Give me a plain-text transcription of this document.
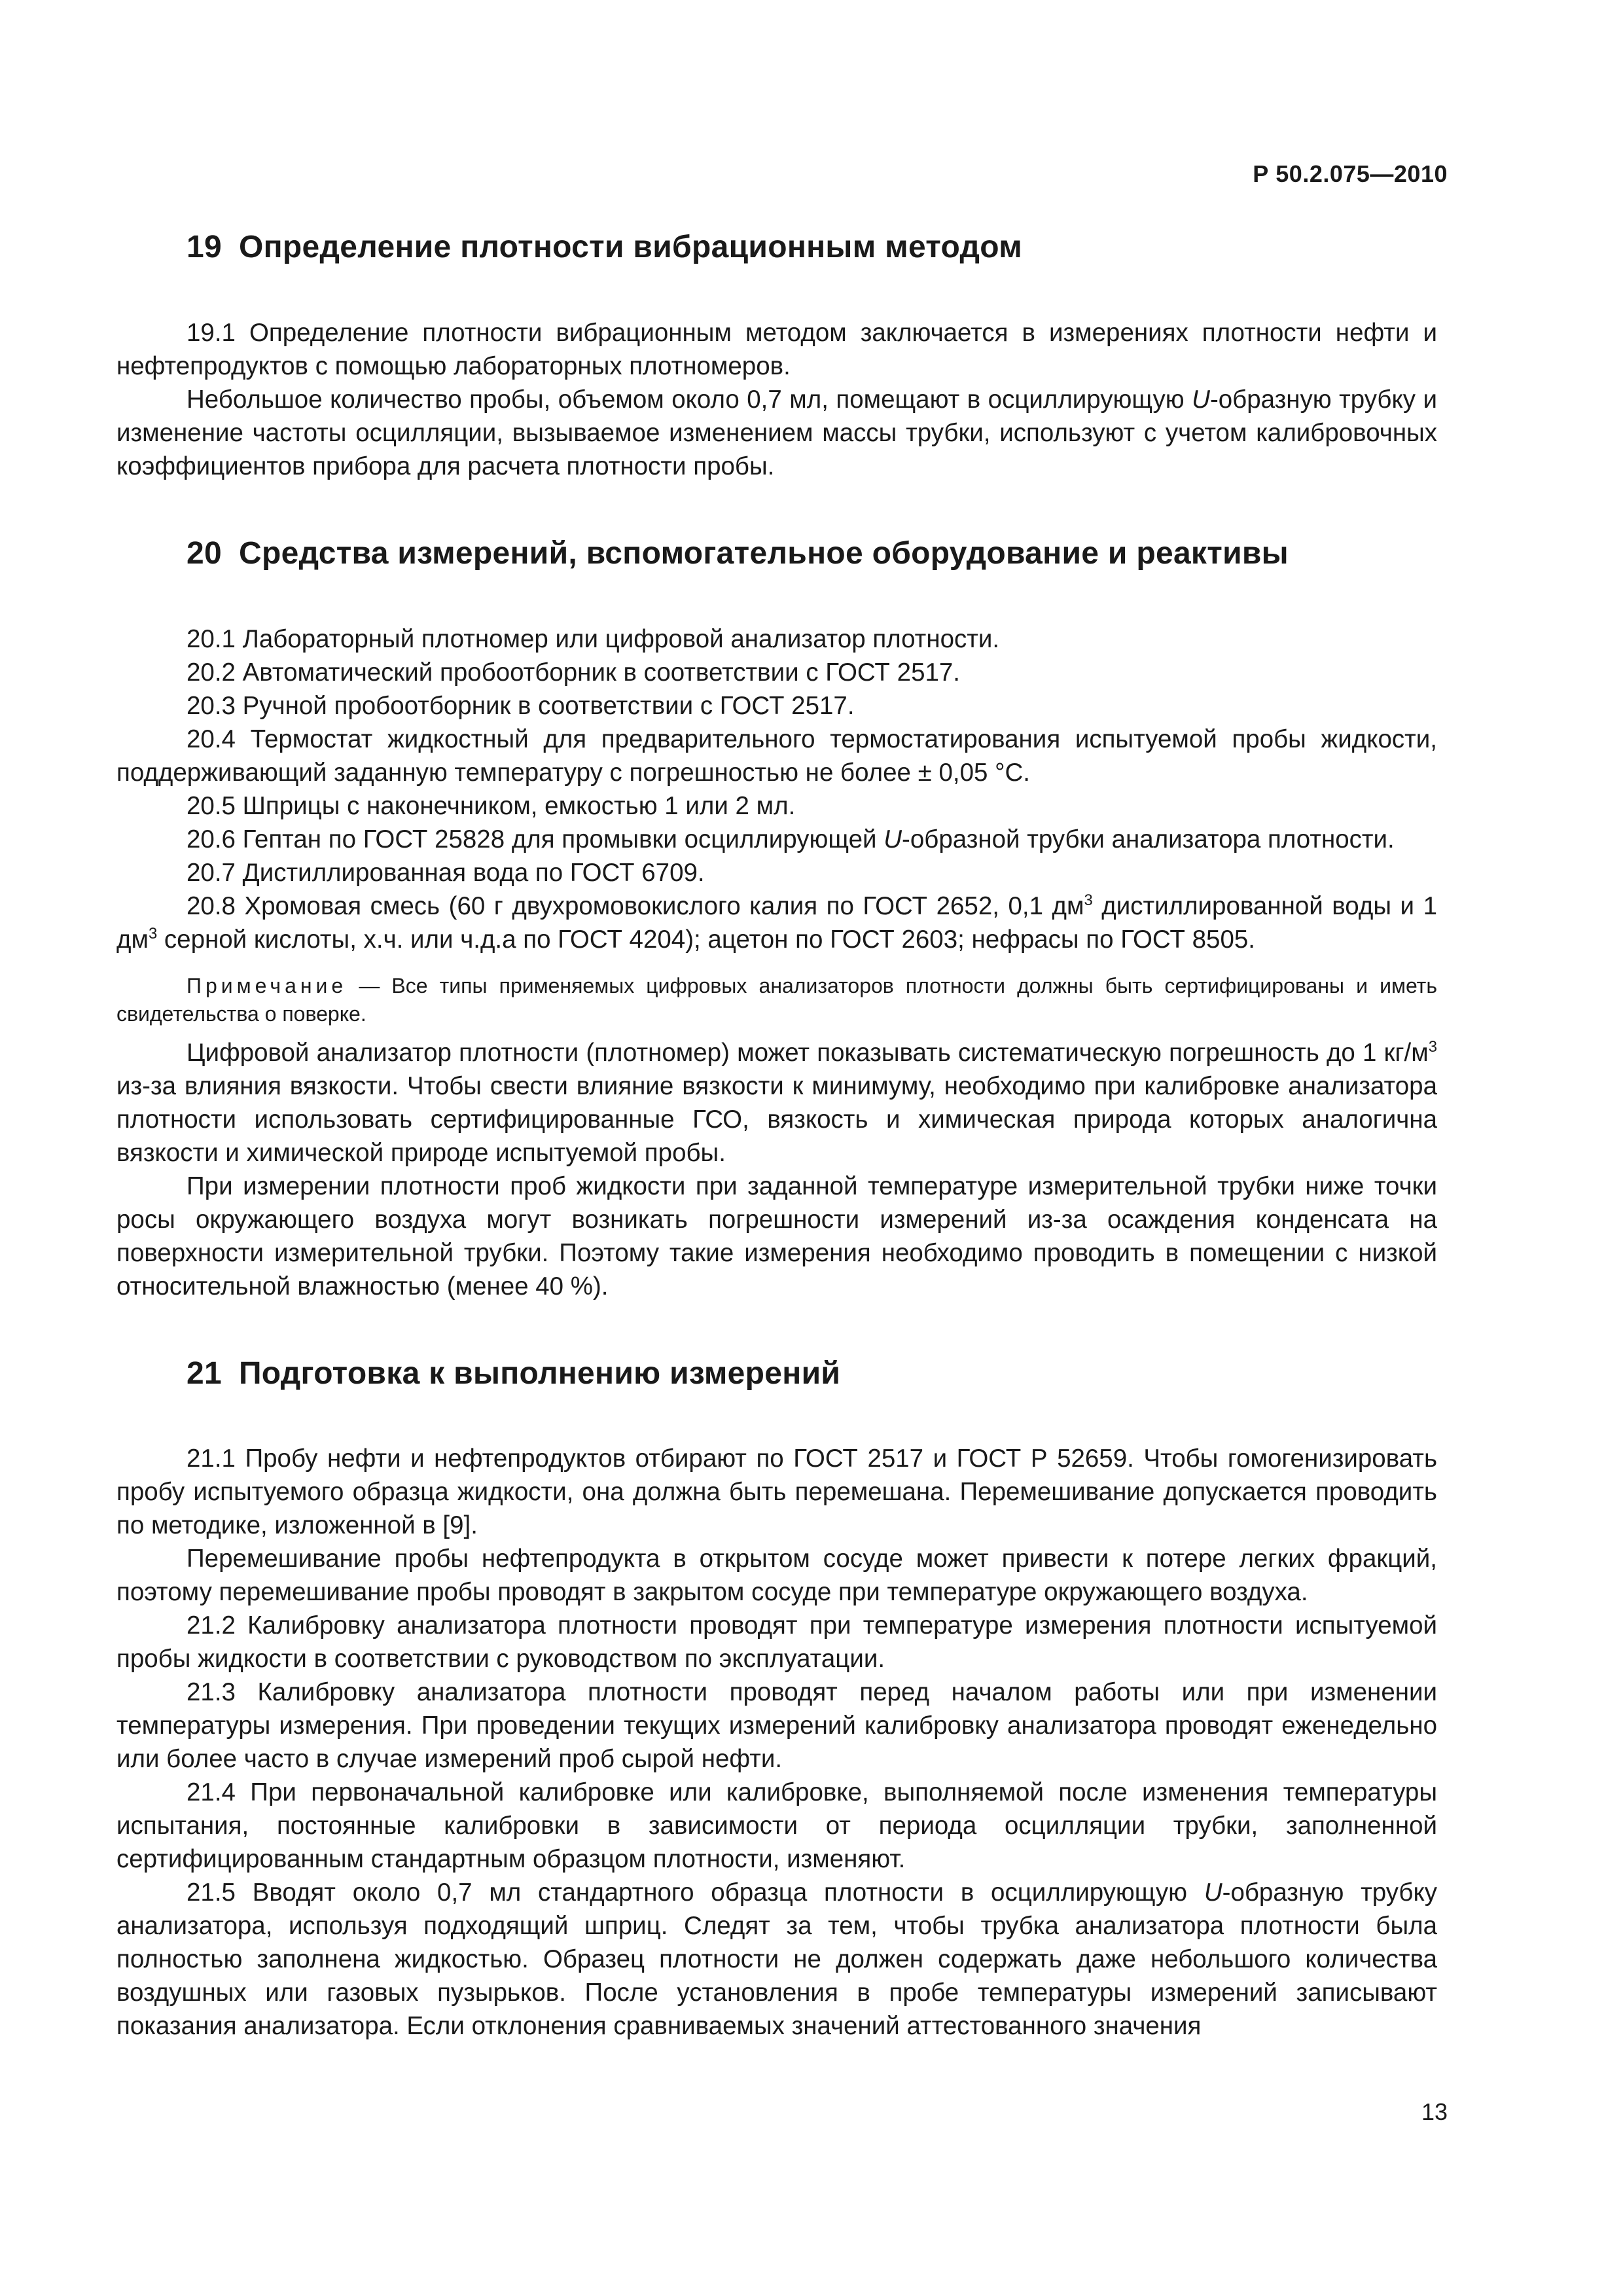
Р 50.2.075—2010
19 Определение плотности вибрационным методом

19.1 Определение плотности вибрационным методом заключается в измерениях плотности нефти и нефтепродуктов с помощью лабораторных плотномеров.

Небольшое количество пробы, объемом около 0,7 мл, помещают в осциллирующую U-образную трубку и изменение частоты осцилляции, вызываемое изменением массы трубки, используют с учетом калибровочных коэффициентов прибора для расчета плотности пробы.

20 Средства измерений, вспомогательное оборудование и реактивы

20.1 Лабораторный плотномер или цифровой анализатор плотности.

20.2 Автоматический пробоотборник в соответствии с ГОСТ 2517.

20.3 Ручной пробоотборник в соответствии с ГОСТ 2517.

20.4 Термостат жидкостный для предварительного термостатирования испытуемой пробы жидкости, поддерживающий заданную температуру с погрешностью не более ± 0,05 °С.

20.5 Шприцы с наконечником, емкостью 1 или 2 мл.

20.6 Гептан по ГОСТ 25828 для промывки осциллирующей U-образной трубки анализатора плотности.

20.7 Дистиллированная вода по ГОСТ 6709.

20.8 Хромовая смесь (60 г двухромовокислого калия по ГОСТ 2652, 0,1 $дм^3$ дистиллированной воды и 1 $дм^3$ серной кислоты, х.ч. или ч.д.а по ГОСТ 4204); ацетон по ГОСТ 2603; нефрасы по ГОСТ 8505.

Примечание — Все типы применяемых цифровых анализаторов плотности должны быть сертифицированы и иметь свидетельства о поверке.

Цифровой анализатор плотности (плотномер) может показывать систематическую погрешность до 1 $кг/м^3$ из-за влияния вязкости. Чтобы свести влияние вязкости к минимуму, необходимо при калибровке анализатора плотности использовать сертифицированные ГСО, вязкость и химическая природа которых аналогична вязкости и химической природе испытуемой пробы.

При измерении плотности проб жидкости при заданной температуре измерительной трубки ниже точки росы окружающего воздуха могут возникать погрешности измерений из-за осаждения конденсата на поверхности измерительной трубки. Поэтому такие измерения необходимо проводить в помещении с низкой относительной влажностью (менее 40 %).

21 Подготовка к выполнению измерений

21.1 Пробу нефти и нефтепродуктов отбирают по ГОСТ 2517 и ГОСТ Р 52659. Чтобы гомогенизировать пробу испытуемого образца жидкости, она должна быть перемешана. Перемешивание допускается проводить по методике, изложенной в [9].

Перемешивание пробы нефтепродукта в открытом сосуде может привести к потере легких фракций, поэтому перемешивание пробы проводят в закрытом сосуде при температуре окружающего воздуха.

21.2 Калибровку анализатора плотности проводят при температуре измерения плотности испытуемой пробы жидкости в соответствии с руководством по эксплуатации.

21.3 Калибровку анализатора плотности проводят перед началом работы или при изменении температуры измерения. При проведении текущих измерений калибровку анализатора проводят еженедельно или более часто в случае измерений проб сырой нефти.

21.4 При первоначальной калибровке или калибровке, выполняемой после изменения температуры испытания, постоянные калибровки в зависимости от периода осцилляции трубки, заполненной сертифицированным стандартным образцом плотности, изменяют.

21.5 Вводят около 0,7 мл стандартного образца плотности в осциллирующую U-образную трубку анализатора, используя подходящий шприц. Следят за тем, чтобы трубка анализатора плотности была полностью заполнена жидкостью. Образец плотности не должен содержать даже небольшого количества воздушных или газовых пузырьков. После установления в пробе температуры измерений записывают показания анализатора. Если отклонения сравниваемых значений аттестованного значения

13
